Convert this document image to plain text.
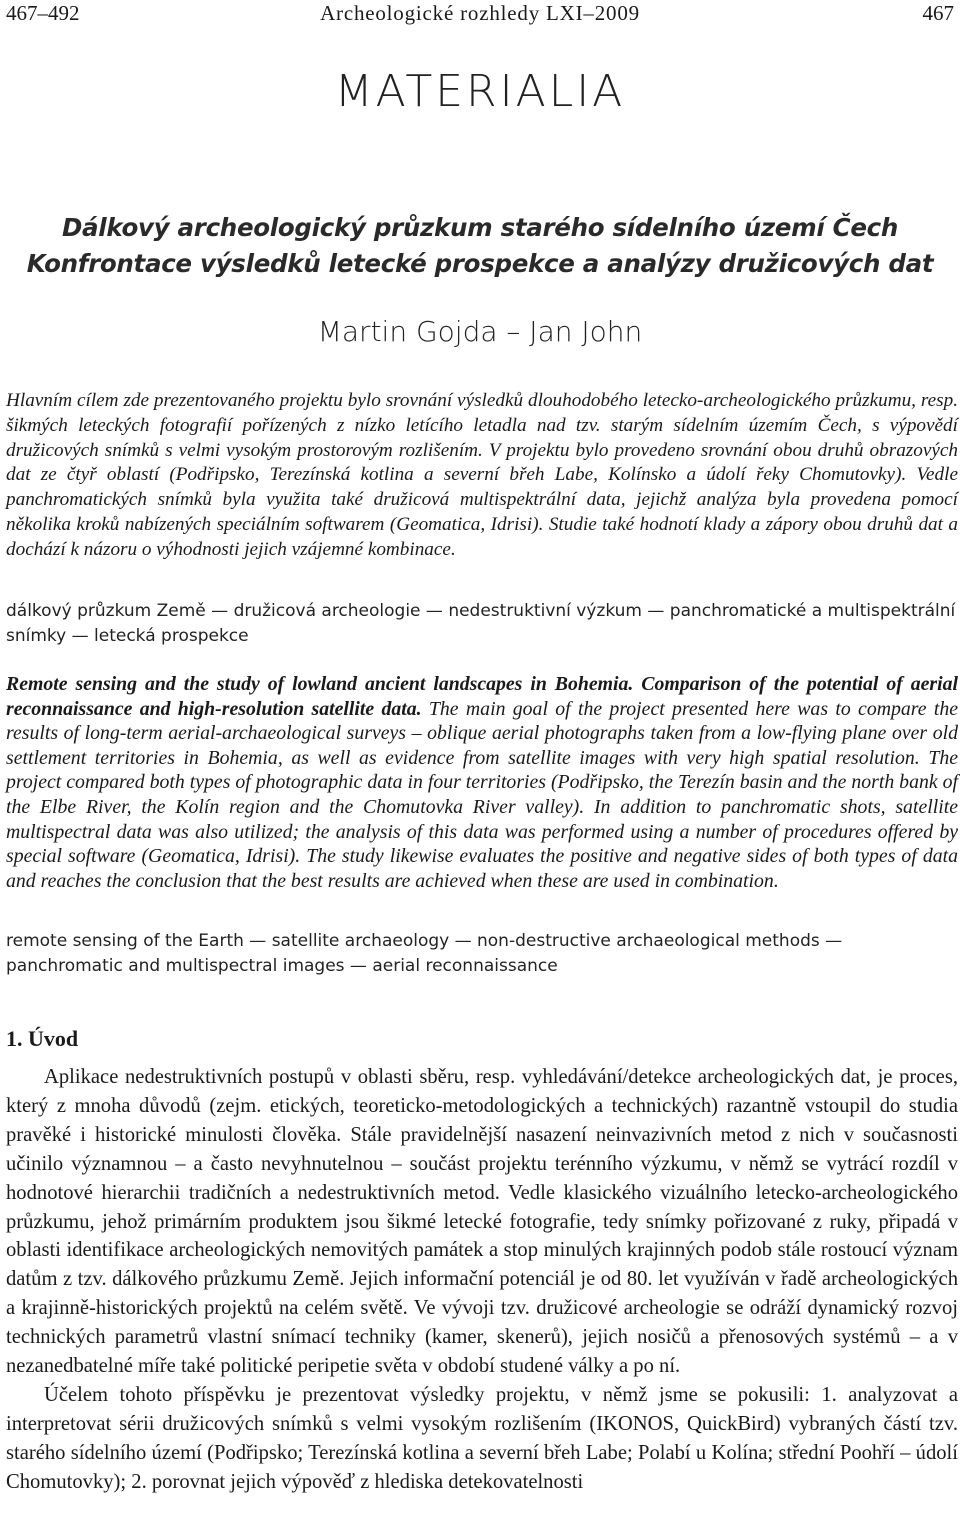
467–492	Archeologické rozhledy LXI–2009	467
MATERIALIA
Dálkový archeologický průzkum starého sídelního území Čech
Konfrontace výsledků letecké prospekce a analýzy družicových dat
Martin Gojda – Jan John
Hlavním cílem zde prezentovaného projektu bylo srovnání výsledků dlouhodobého letecko-archeologického průzkumu, resp. šikmých leteckých fotografií pořízených z nízko letícího letadla nad tzv. starým sídelním územím Čech, s výpovědí družicových snímků s velmi vysokým prostorovým rozlišením. V projektu bylo provedeno srovnání obou druhů obrazových dat ze čtyř oblastí (Podřipsko, Terezínská kotlina a severní břeh Labe, Kolínsko a údolí řeky Chomutovky). Vedle panchromatických snímků byla využita také družicová multispektrální data, jejichž analýza byla provedena pomocí několika kroků nabízených speciálním softwarem (Geomatica, Idrisi). Studie také hodnotí klady a zápory obou druhů dat a dochází k názoru o výhodnosti jejich vzájemné kombinace.
dálkový průzkum Země — družicová archeologie — nedestruktivní výzkum — panchromatické a multispektrální snímky — letecká prospekce
Remote sensing and the study of lowland ancient landscapes in Bohemia. Comparison of the potential of aerial reconnaissance and high-resolution satellite data. The main goal of the project presented here was to compare the results of long-term aerial-archaeological surveys – oblique aerial photographs taken from a low-flying plane over old settlement territories in Bohemia, as well as evidence from satellite images with very high spatial resolution. The project compared both types of photographic data in four territories (Podřipsko, the Terezín basin and the north bank of the Elbe River, the Kolín region and the Chomutovka River valley). In addition to panchromatic shots, satellite multispectral data was also utilized; the analysis of this data was performed using a number of procedures offered by special software (Geomatica, Idrisi). The study likewise evaluates the positive and negative sides of both types of data and reaches the conclusion that the best results are achieved when these are used in combination.
remote sensing of the Earth — satellite archaeology — non-destructive archaeological methods — panchromatic and multispectral images — aerial reconnaissance
1. Úvod

Aplikace nedestruktivních postupů v oblasti sběru, resp. vyhledávání/detekce archeologických dat, je proces, který z mnoha důvodů (zejm. etických, teoreticko-metodologických a technických) razantně vstoupil do studia pravěké i historické minulosti člověka. Stále pravidelnější nasazení neinvazivních metod z nich v současnosti učinilo významnou – a často nevyhnutelnou – součást projektu terénního výzkumu, v němž se vytrácí rozdíl v hodnotové hierarchii tradičních a nedestruktivních metod. Vedle klasického vizuálního letecko-archeologického průzkumu, jehož primárním produktem jsou šikmé letecké fotografie, tedy snímky pořizované z ruky, připadá v oblasti identifikace archeologických nemovitých památek a stop minulých krajinných podob stále rostoucí význam datům z tzv. dálkového průzkumu Země. Jejich informační potenciál je od 80. let využíván v řadě archeologických a krajinně-historických projektů na celém světě. Ve vývoji tzv. družicové archeologie se odráží dynamický rozvoj technických parametrů vlastní snímací techniky (kamer, skenerů), jejich nosičů a přenosových systémů – a v nezanedbatelné míře také politické peripetie světa v období studené války a po ní.

Účelem tohoto příspěvku je prezentovat výsledky projektu, v němž jsme se pokusili: 1. analyzovat a interpretovat sérii družicových snímků s velmi vysokým rozlišením (IKONOS, QuickBird) vybraných částí tzv. starého sídelního území (Podřipsko; Terezínská kotlina a severní břeh Labe; Polabí u Kolína; střední Poohří – údolí Chomutovky); 2. porovnat jejich výpověď z hlediska detekovatelnosti
